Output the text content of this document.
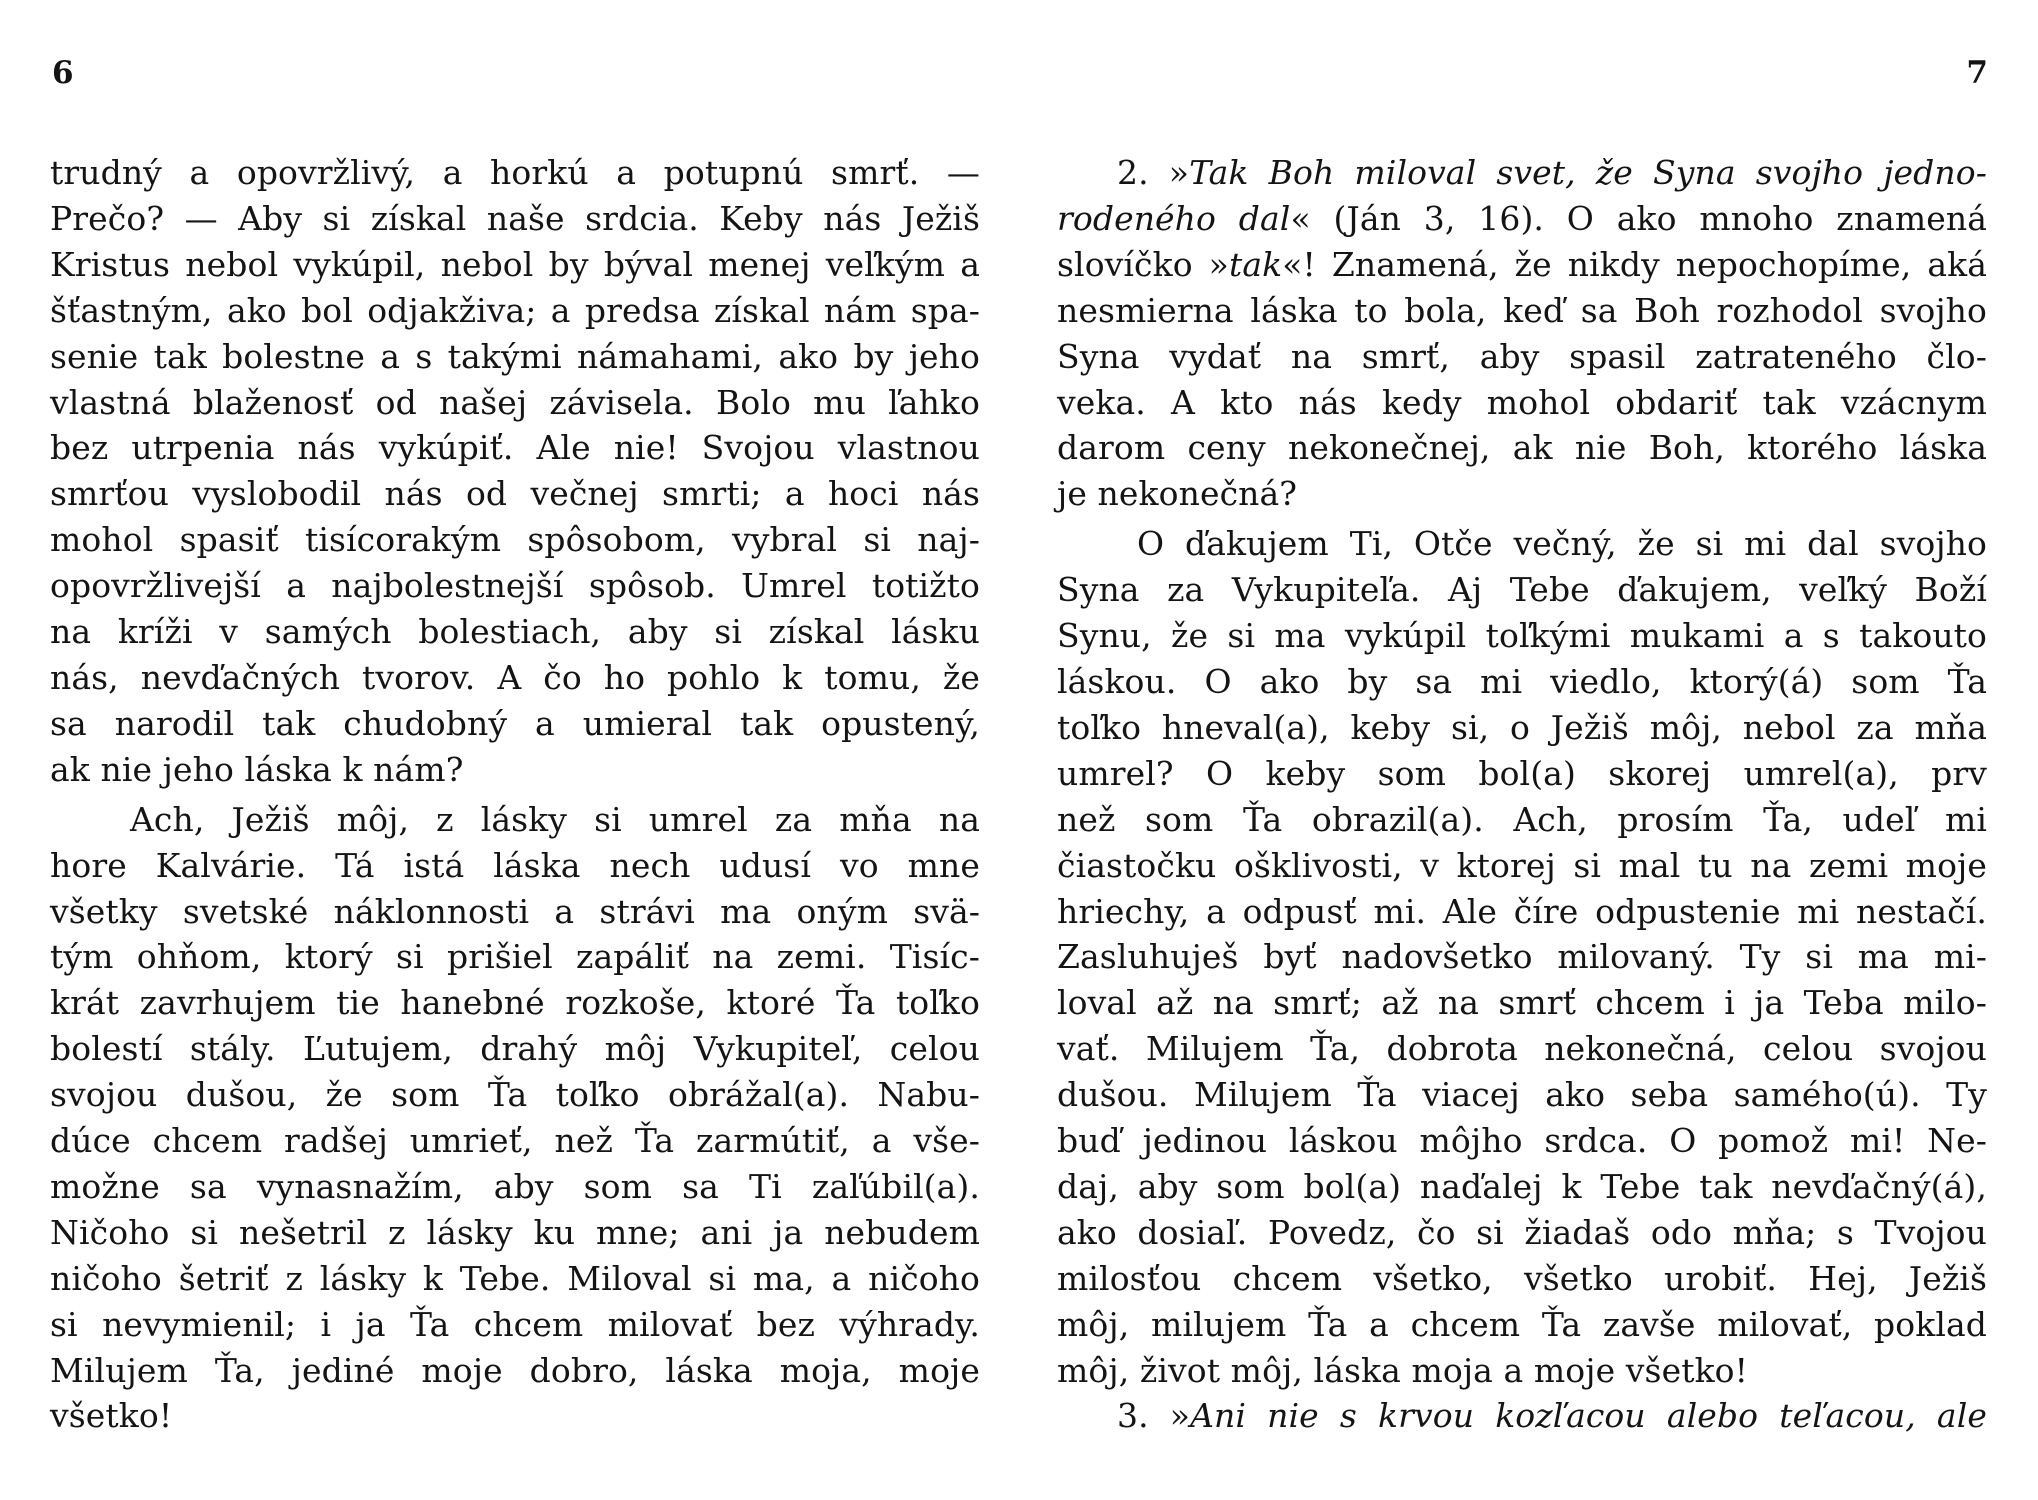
6	7

trudný a opovržlivý, a horkú a potupnú smrť. —
Prečo? — Aby si získal naše srdcia. Keby nás Ježiš
Kristus nebol vykúpil, nebol by býval menej veľkým a
šťastným, ako bol odjakživa; a predsa získal nám spa-
senie tak bolestne a s takými námahami, ako by jeho
vlastná blaženosť od našej závisela. Bolo mu ľahko
bez utrpenia nás vykúpiť. Ale nie! Svojou vlastnou
smrťou vyslobodil nás od večnej smrti; a hoci nás
mohol spasiť tisícorakým spôsobom, vybral si naj-
opovržlivejší a najbolestnejší spôsob. Umrel totižto
na kríži v samých bolestiach, aby si získal lásku
nás, nevďačných tvorov. A čo ho pohlo k tomu, že
sa narodil tak chudobný a umieral tak opustený,
ak nie jeho láska k nám?

Ach, Ježiš môj, z lásky si umrel za mňa na
hore Kalvárie. Tá istá láska nech udusí vo mne
všetky svetské náklonnosti a strávi ma oným svä-
tým ohňom, ktorý si prišiel zapáliť na zemi. Tisíc-
krát zavrhujem tie hanebné rozkoše, ktoré Ťa toľko
bolestí stály. Ľutujem, drahý môj Vykupiteľ, celou
svojou dušou, že som Ťa toľko obrážal(a). Nabu-
dúce chcem radšej umrieť, než Ťa zarmútiť, a vše-
možne sa vynasnažím, aby som sa Ti zaľúbil(a).
Ničoho si nešetril z lásky ku mne; ani ja nebudem
ničoho šetriť z lásky k Tebe. Miloval si ma, a ničoho
si nevymienil; i ja Ťa chcem milovať bez výhrady.
Milujem Ťa, jediné moje dobro, láska moja, moje
všetko!

2. »Tak Boh miloval svet, že Syna svojho jedno-
rodeného dal« (Ján 3, 16). O ako mnoho znamená
slovíčko »tak«! Znamená, že nikdy nepochopíme, aká
nesmierna láska to bola, keď sa Boh rozhodol svojho
Syna vydať na smrť, aby spasil zatrateného člo-
veka. A kto nás kedy mohol obdariť tak vzácnym
darom ceny nekonečnej, ak nie Boh, ktorého láska
je nekonečná?

O ďakujem Ti, Otče večný, že si mi dal svojho
Syna za Vykupiteľa. Aj Tebe ďakujem, veľký Boží
Synu, že si ma vykúpil toľkými mukami a s takouto
láskou. O ako by sa mi viedlo, ktorý(á) som Ťa
toľko hneval(a), keby si, o Ježiš môj, nebol za mňa
umrel? O keby som bol(a) skorej umrel(a), prv
než som Ťa obrazil(a). Ach, prosím Ťa, udeľ mi
čiastočku ošklivosti, v ktorej si mal tu na zemi moje
hriechy, a odpusť mi. Ale číre odpustenie mi nestačí.
Zasluhuješ byť nadovšetko milovaný. Ty si ma mi-
loval až na smrť; až na smrť chcem i ja Teba milo-
vať. Milujem Ťa, dobrota nekonečná, celou svojou
dušou. Milujem Ťa viacej ako seba samého(ú). Ty
buď jedinou láskou môjho srdca. O pomož mi! Ne-
daj, aby som bol(a) naďalej k Tebe tak nevďačný(á),
ako dosiaľ. Povedz, čo si žiadaš odo mňa; s Tvojou
milosťou chcem všetko, všetko urobiť. Hej, Ježiš
môj, milujem Ťa a chcem Ťa zavše milovať, poklad
môj, život môj, láska moja a moje všetko!

3. »Ani nie s krvou kozľacou alebo teľacou, ale
